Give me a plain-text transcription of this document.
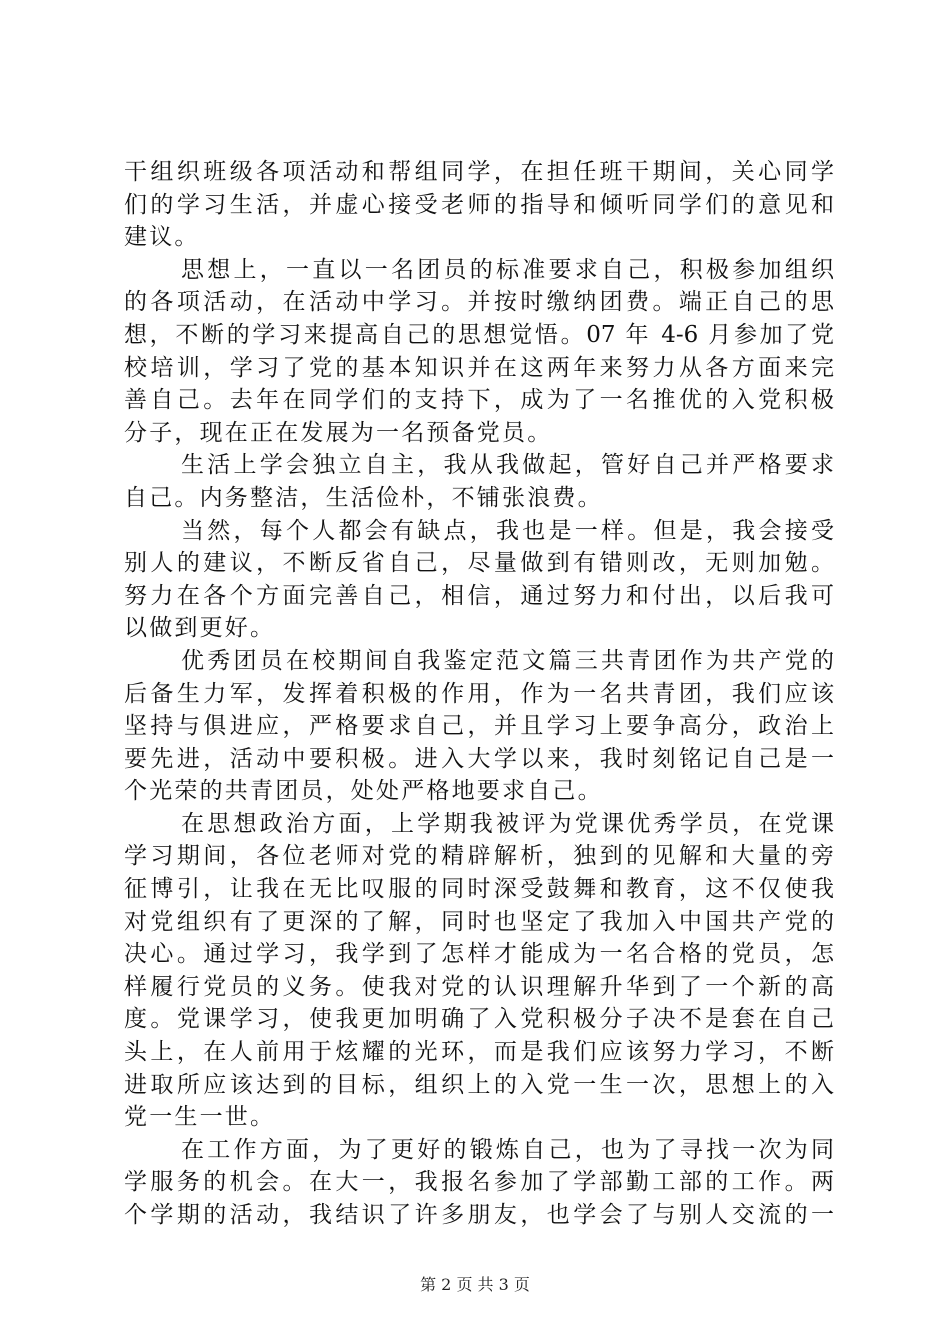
干组织班级各项活动和帮组同学，在担任班干期间，关心同学
们的学习生活，并虚心接受老师的指导和倾听同学们的意见和
建议。
思想上，一直以一名团员的标准要求自己，积极参加组织
的各项活动，在活动中学习。并按时缴纳团费。端正自己的思
想，不断的学习来提高自己的思想觉悟。07 年 4-6 月参加了党
校培训，学习了党的基本知识并在这两年来努力从各方面来完
善自己。去年在同学们的支持下，成为了一名推优的入党积极
分子，现在正在发展为一名预备党员。
生活上学会独立自主，我从我做起，管好自己并严格要求
自己。内务整洁，生活俭朴，不铺张浪费。
当然，每个人都会有缺点，我也是一样。但是，我会接受
别人的建议，不断反省自己，尽量做到有错则改，无则加勉。
努力在各个方面完善自己，相信，通过努力和付出，以后我可
以做到更好。
优秀团员在校期间自我鉴定范文篇三共青团作为共产党的
后备生力军，发挥着积极的作用，作为一名共青团，我们应该
坚持与俱进应，严格要求自己，并且学习上要争高分，政治上
要先进，活动中要积极。进入大学以来，我时刻铭记自己是一
个光荣的共青团员，处处严格地要求自己。
在思想政治方面，上学期我被评为党课优秀学员，在党课
学习期间，各位老师对党的精辟解析，独到的见解和大量的旁
征博引，让我在无比叹服的同时深受鼓舞和教育，这不仅使我
对党组织有了更深的了解，同时也坚定了我加入中国共产党的
决心。通过学习，我学到了怎样才能成为一名合格的党员，怎
样履行党员的义务。使我对党的认识理解升华到了一个新的高
度。党课学习，使我更加明确了入党积极分子决不是套在自己
头上，在人前用于炫耀的光环，而是我们应该努力学习，不断
进取所应该达到的目标，组织上的入党一生一次，思想上的入
党一生一世。
在工作方面，为了更好的锻炼自己，也为了寻找一次为同
学服务的机会。在大一，我报名参加了学部勤工部的工作。两
个学期的活动，我结识了许多朋友，也学会了与别人交流的一
第 2 页 共 3 页
